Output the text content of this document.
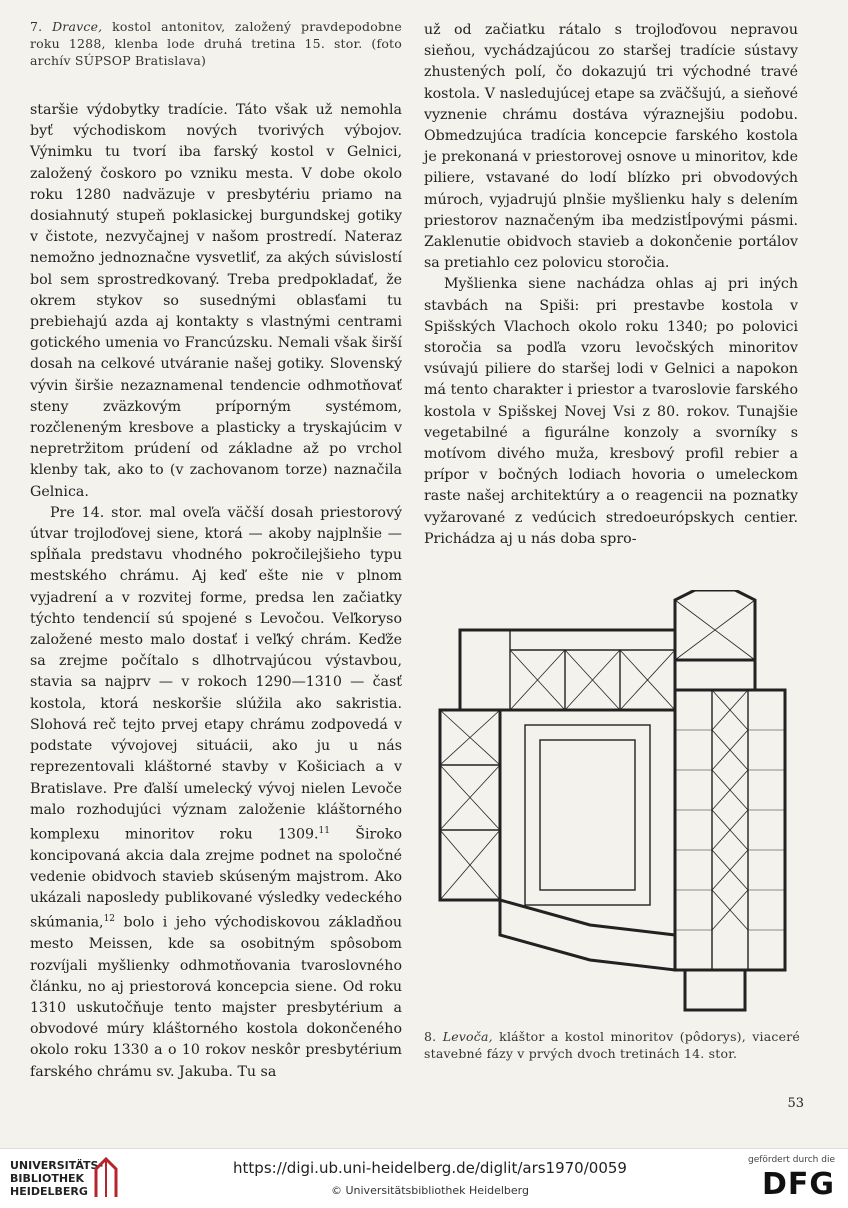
7. Dravce, kostol antonitov, založený pravdepodobne roku 1288, klenba lode druhá tretina 15. stor. (foto archív SÚPSOP Bratislava)

staršie výdobytky tradície. Táto však už nemohla byť východiskom nových tvorivých výbojov. Výnimku tu tvorí iba farský kostol v Gelnici, založený čoskoro po vzniku mesta. V dobe okolo roku 1280 nadväzuje v presbytériu priamo na dosiahnutý stupeň poklasickej burgundskej gotiky v čistote, nezvyčajnej v našom prostredí. Nateraz nemožno jednoznačne vysvetliť, za akých súvislostí bol sem sprostredkovaný. Treba predpokladať, že okrem stykov so susednými oblasťami tu prebiehajú azda aj kontakty s vlastnými centrami gotického umenia vo Francúzsku. Nemali však širší dosah na celkové utváranie našej gotiky. Slovenský vývin širšie nezaznamenal tendencie odhmotňovať steny zväzkovým príporným systémom, rozčleneným kresbove a plasticky a tryskajúcim v nepretržitom prúdení od základne až po vrchol klenby tak, ako to (v zachovanom torze) naznačila Gelnica.

Pre 14. stor. mal oveľa väčší dosah priestorový útvar trojloďovej siene, ktorá — akoby najplnšie — spĺňala predstavu vhodného pokročilejšieho typu mestského chrámu. Aj keď ešte nie v plnom vyjadrení a v rozvitej forme, predsa len začiatky týchto tendencií sú spojené s Levočou. Veľkoryso založené mesto malo dostať i veľký chrám. Keďže sa zrejme počítalo s dlhotrvajúcou výstavbou, stavia sa najprv — v rokoch 1290—1310 — časť kostola, ktorá neskoršie slúžila ako sakristia. Slohová reč tejto prvej etapy chrámu zodpovedá v podstate vývojovej situácii, ako ju u nás reprezentovali kláštorné stavby v Košiciach a v Bratislave. Pre ďalší umelecký vývoj nielen Levoče malo rozhodujúci význam založenie kláštorného komplexu minoritov roku 1309.11 Široko koncipovaná akcia dala zrejme podnet na spoločné vedenie obidvoch stavieb skúseným majstrom. Ako ukázali naposledy publikované výsledky vedeckého skúmania,$^{12}$ bolo i jeho východiskovou základňou mesto Meissen, kde sa osobitným spôsobom rozvíjali myšlienky odhmotňovania tvaroslovného článku, no aj priestorová koncepcia siene. Od roku 1310 uskutočňuje tento majster presbytérium a obvodové múry kláštorného kostola dokončeného okolo roku 1330 a o 10 rokov neskôr presbytérium farského chrámu sv. Jakuba. Tu sa

už od začiatku rátalo s trojloďovou nepravou sieňou, vychádzajúcou zo staršej tradície sústavy zhustených polí, čo dokazujú tri východné travé kostola. V nasledujúcej etape sa zväčšujú, a sieňové vyznenie chrámu dostáva výraznejšiu podobu. Obmedzujúca tradícia koncepcie farského kostola je prekonaná v priestorovej osnove u minoritov, kde piliere, vstavané do lodí blízko pri obvodových múroch, vyjadrujú plnšie myšlienku haly s delením priestorov naznačeným iba medzistĺpovými pásmi. Zaklenutie obidvoch stavieb a dokončenie portálov sa pretiahlo cez polovicu storočia.

Myšlienka siene nachádza ohlas aj pri iných stavbách na Spiši: pri prestavbe kostola v Spišských Vlachoch okolo roku 1340; po polovici storočia sa podľa vzoru levočských minoritov vsúvajú piliere do staršej lodi v Gelnici a napokon má tento charakter i priestor a tvaroslovie farského kostola v Spišskej Novej Vsi z 80. rokov. Tunajšie vegetabilné a figurálne konzoly a svorníky s motívom divého muža, kresbový profil rebier a prípor v bočných lodiach hovoria o umeleckom raste našej architektúry a o reagencii na poznatky vyžarované z vedúcich stredoeurópskych centier. Prichádza aj u nás doba spro-

8. Levoča, kláštor a kostol minoritov (pôdorys), viaceré stavebné fázy v prvých dvoch tretinách 14. stor.
53
UNIVERSITÄTS-
BIBLIOTHEK
HEIDELBERG
https://digi.ub.uni-heidelberg.de/diglit/ars1970/0059
© Universitätsbibliothek Heidelberg
gefördert durch die
DFG
